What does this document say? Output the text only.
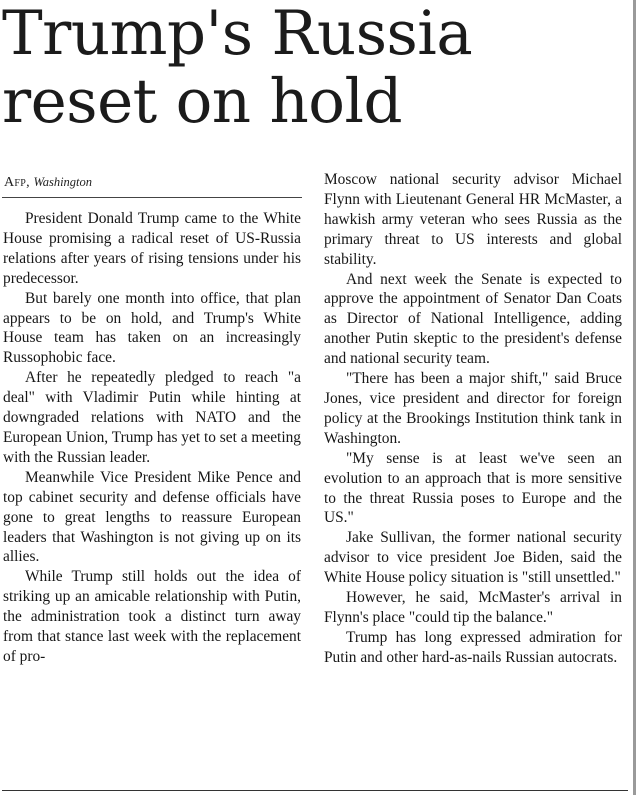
Trump's Russia
reset on hold
Afp, Washington

President Donald Trump came to the White House promising a radical reset of US-Russia relations after years of rising tensions under his predecessor.

But barely one month into office, that plan appears to be on hold, and Trump's White House team has taken on an increasingly Russophobic face.

After he repeatedly pledged to reach "a deal" with Vladimir Putin while hinting at downgraded relations with NATO and the European Union, Trump has yet to set a meeting with the Russian leader.

Meanwhile Vice President Mike Pence and top cabinet security and defense officials have gone to great lengths to reassure European leaders that Washington is not giving up on its allies.

While Trump still holds out the idea of striking up an amicable relationship with Putin, the administration took a distinct turn away from that stance last week with the replacement of pro-

Moscow national security advisor Michael Flynn with Lieutenant General HR McMaster, a hawkish army veteran who sees Russia as the primary threat to US interests and global stability.

And next week the Senate is expected to approve the appointment of Senator Dan Coats as Director of National Intelligence, adding another Putin skeptic to the president's defense and national security team.

"There has been a major shift," said Bruce Jones, vice president and director for foreign policy at the Brookings Institution think tank in Washington.

"My sense is at least we've seen an evolution to an approach that is more sensitive to the threat Russia poses to Europe and the US."

Jake Sullivan, the former national security advisor to vice president Joe Biden, said the White House policy situation is "still unsettled."

However, he said, McMaster's arrival in Flynn's place "could tip the balance."

Trump has long expressed admiration for Putin and other hard-as-nails Russian autocrats.
